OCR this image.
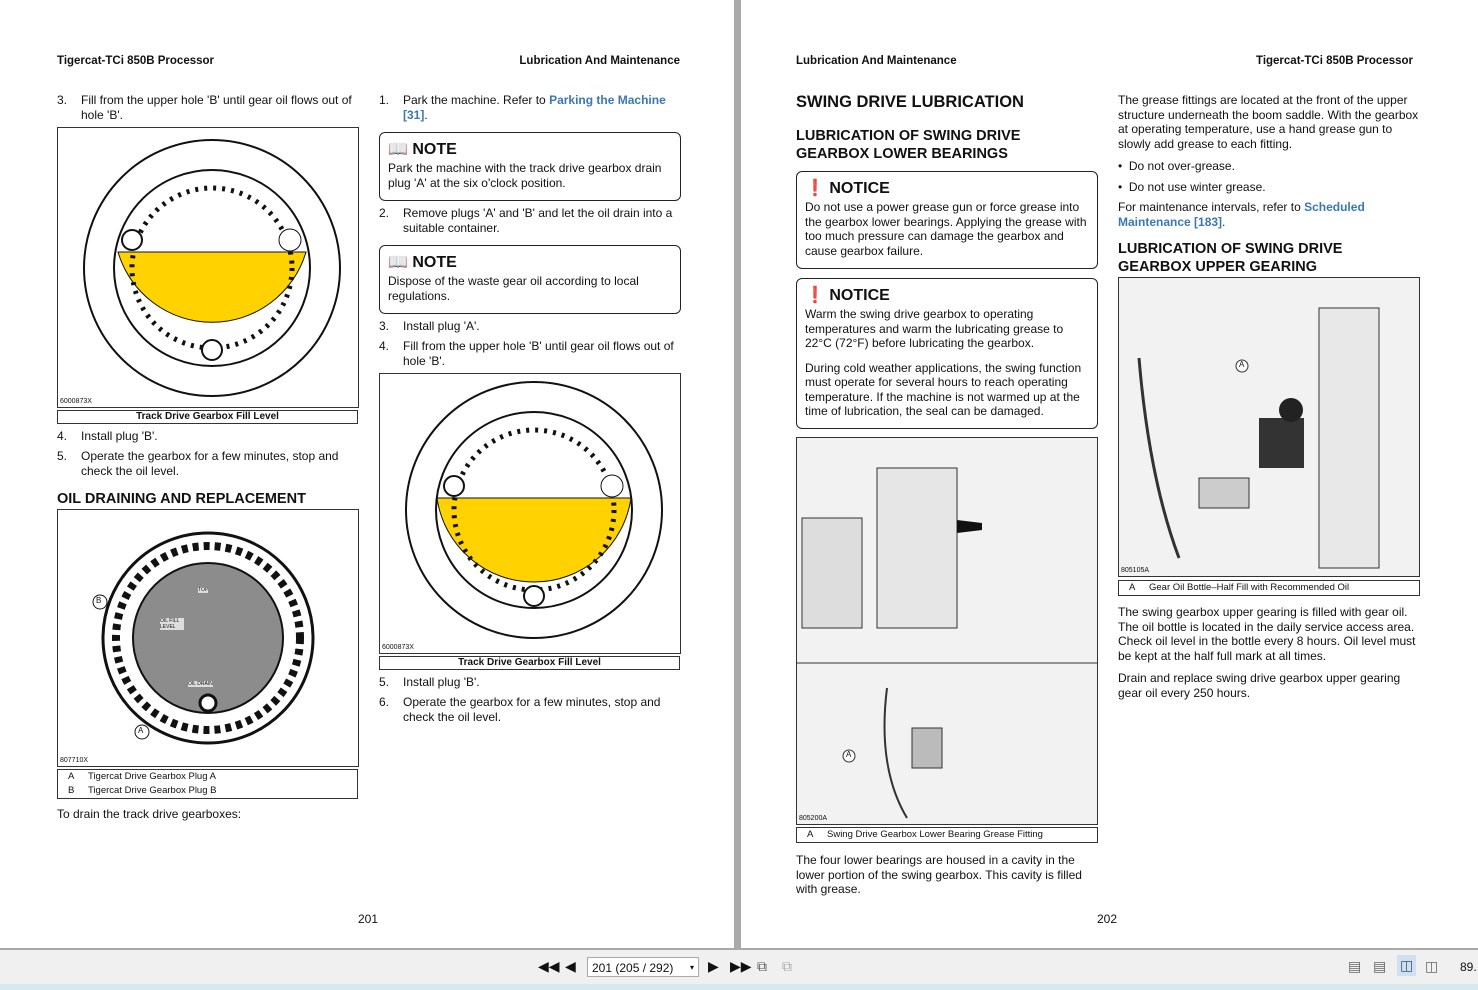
Tigercat-TCi 850B Processor	Lubrication And Maintenance
3.	Fill from the upper hole 'B' until gear oil flows out of hole 'B'.
6000873X
Track Drive Gearbox Fill Level
4.	Install plug 'B'.
5.	Operate the gearbox for a few minutes, stop and check the oil level.
OIL DRAINING AND REPLACEMENT
B
A
TOP
OIL FILL LEVEL
OIL DRAIN
807710X
A Tigercat Drive Gearbox Plug A
B Tigercat Drive Gearbox Plug B
To drain the track drive gearboxes:
1.	Park the machine. Refer to Parking the Machine [31].
📖 NOTE
Park the machine with the track drive gearbox drain plug 'A' at the six o'clock position.
2.	Remove plugs 'A' and 'B' and let the oil drain into a suitable container.
📖 NOTE
Dispose of the waste gear oil according to local regulations.
3.	Install plug 'A'.
4.	Fill from the upper hole 'B' until gear oil flows out of hole 'B'.
6000873X
Track Drive Gearbox Fill Level
5.	Install plug 'B'.
6.	Operate the gearbox for a few minutes, stop and check the oil level.
201
Lubrication And Maintenance	Tigercat-TCi 850B Processor
SWING DRIVE LUBRICATION
LUBRICATION OF SWING DRIVE GEARBOX LOWER BEARINGS
❗ NOTICE
Do not use a power grease gun or force grease into the gearbox lower bearings. Applying the grease with too much pressure can damage the gearbox and cause gearbox failure.
❗ NOTICE
Warm the swing drive gearbox to operating temperatures and warm the lubricating grease to 22°C (72°F) before lubricating the gearbox.
During cold weather applications, the swing function must operate for several hours to reach operating temperature. If the machine is not warmed up at the time of lubrication, the seal can be damaged.
A
805200A
A Swing Drive Gearbox Lower Bearing Grease Fitting
The four lower bearings are housed in a cavity in the lower portion of the swing gearbox. This cavity is filled with grease.
The grease fittings are located at the front of the upper structure underneath the boom saddle. With the gearbox at operating temperature, use a hand grease gun to slowly add grease to each fitting.
•  Do not over-grease.
•  Do not use winter grease.
For maintenance intervals, refer to Scheduled Maintenance [183].
LUBRICATION OF SWING DRIVE GEARBOX UPPER GEARING
A
805105A
A Gear Oil Bottle–Half Fill with Recommended Oil
The swing gearbox upper gearing is filled with gear oil. The oil bottle is located in the daily service access area. Check oil level in the bottle every 8 hours. Oil level must be kept at the half full mark at all times.
Drain and replace swing drive gearbox upper gearing gear oil every 250 hours.
202
◀◀ ◀	201 (205 / 292) ▾ ▶ ▶▶ ⧉ ⧉	▤ ▤ ◫ ◫ 89.
